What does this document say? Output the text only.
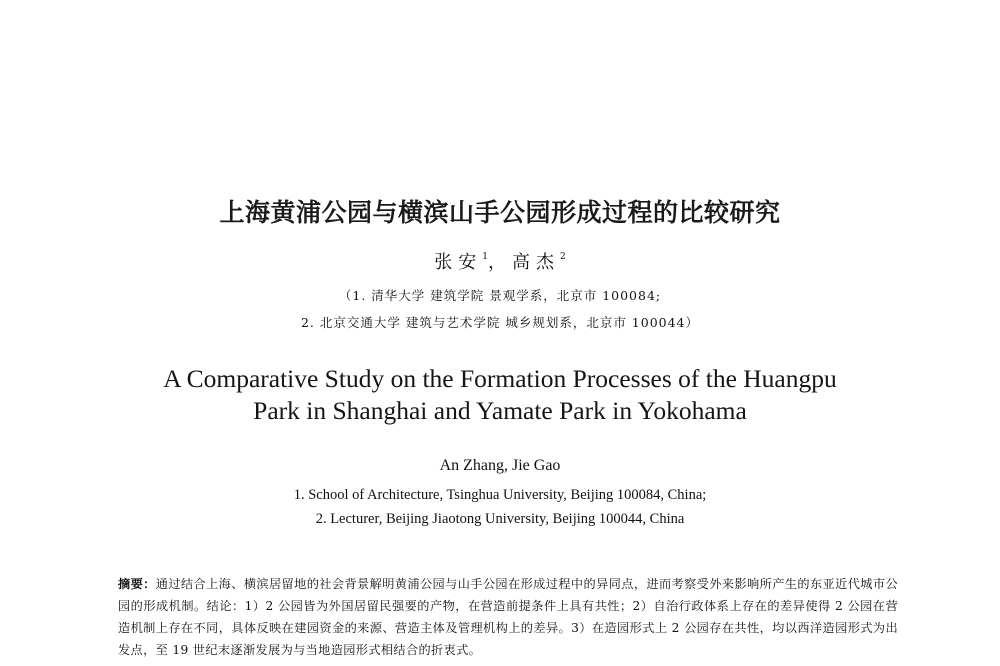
上海黄浦公园与横滨山手公园形成过程的比较研究
张安$^1$，高杰$^2$
（1. 清华大学 建筑学院 景观学系，北京市 100084;
2. 北京交通大学 建筑与艺术学院 城乡规划系，北京市 100044）
A Comparative Study on the Formation Processes of the Huangpu
Park in Shanghai and Yamate Park in Yokohama
An Zhang, Jie Gao
1. School of Architecture, Tsinghua University, Beijing 100084, China;
2. Lecturer, Beijing Jiaotong University, Beijing 100044, China
摘要：通过结合上海、横滨居留地的社会背景解明黄浦公园与山手公园在形成过程中的异同点，进而考察受外来影响所产生的东亚近代城市公园的形成机制。结论：1）2 公园皆为外国居留民强要的产物，在营造前提条件上具有共性；2）自治行政体系上存在的差异使得 2 公园在营造机制上存在不同，具体反映在建园资金的来源、营造主体及管理机构上的差异。3）在造园形式上 2 公园存在共性，均以西洋造园形式为出发点，至 19 世纪末逐渐发展为与当地造园形式相结合的折衷式。
